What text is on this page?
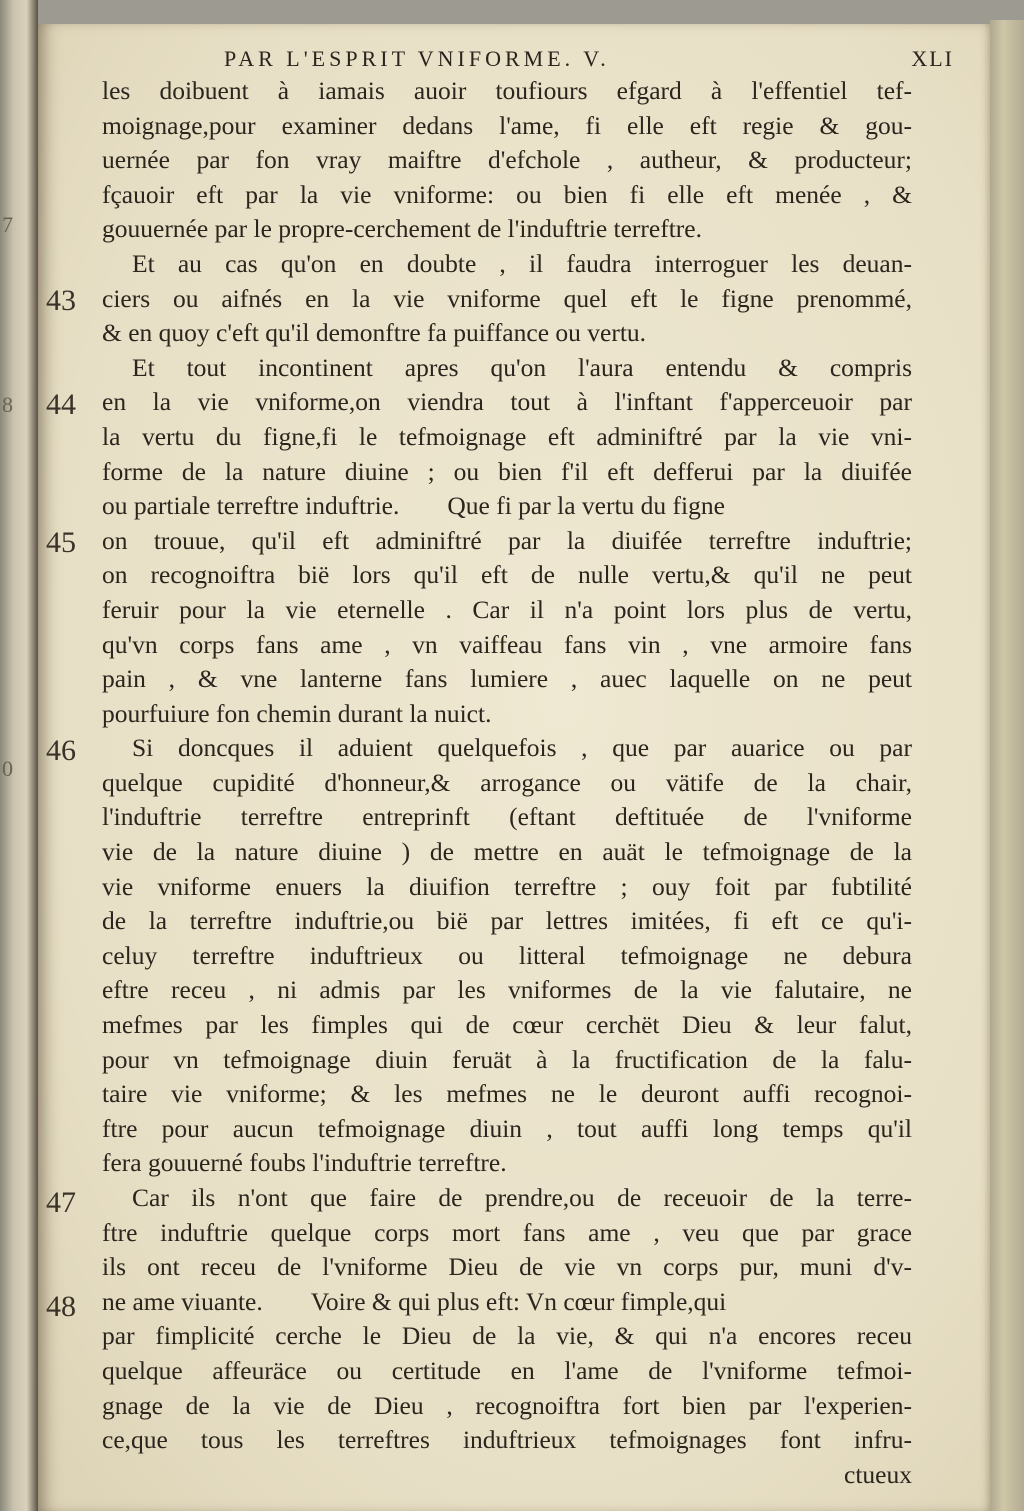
7
8
0
PAR L'ESPRIT VNIFORME. V.	XLI
43
44
45
46
47
48
les doibuent à iamais auoir toufiours efgard à l'effentiel tef-
moignage,pour examiner dedans l'ame, fi elle eft regie & gou-
uernée par fon vray maiftre d'efchole , autheur, & producteur;
fçauoir eft par la vie vniforme: ou bien fi elle eft menée , &
gouuernée par le propre-cerchement de l'induftrie terreftre.
Et au cas qu'on en doubte , il faudra interroguer les deuan-
ciers ou aifnés en la vie vniforme quel eft le figne prenommé,
& en quoy c'eft qu'il demonftre fa puiffance ou vertu.
Et tout incontinent apres qu'on l'aura entendu & compris
en la vie vniforme,on viendra tout à l'inftant f'apperceuoir par
la vertu du figne,fi le tefmoignage eft adminiftré par la vie vni-
forme de la nature diuine ; ou bien f'il eft defferui par la diuifée
ou partiale terreftre induftrie. Que fi par la vertu du figne
on trouue, qu'il eft adminiftré par la diuifée terreftre induftrie;
on recognoiftra bië lors qu'il eft de nulle vertu,& qu'il ne peut
feruir pour la vie eternelle . Car il n'a point lors plus de vertu,
qu'vn corps fans ame , vn vaiffeau fans vin , vne armoire fans
pain , & vne lanterne fans lumiere , auec laquelle on ne peut
pourfuiure fon chemin durant la nuict.
Si doncques il aduient quelquefois , que par auarice ou par
quelque cupidité d'honneur,& arrogance ou vätife de la chair,
l'induftrie terreftre entreprinft (eftant deftituée de l'vniforme
vie de la nature diuine ) de mettre en auät le tefmoignage de la
vie vniforme enuers la diuifion terreftre ; ouy foit par fubtilité
de la terreftre induftrie,ou bië par lettres imitées, fi eft ce qu'i-
celuy terreftre induftrieux ou litteral tefmoignage ne debura
eftre receu , ni admis par les vniformes de la vie falutaire, ne
mefmes par les fimples qui de cœur cerchët Dieu & leur falut,
pour vn tefmoignage diuin feruät à la fructification de la falu-
taire vie vniforme; & les mefmes ne le deuront auffi recognoi-
ftre pour aucun tefmoignage diuin , tout auffi long temps qu'il
fera gouuerné foubs l'induftrie terreftre.
Car ils n'ont que faire de prendre,ou de receuoir de la terre-
ftre induftrie quelque corps mort fans ame , veu que par grace
ils ont receu de l'vniforme Dieu de vie vn corps pur, muni d'v-
ne ame viuante. Voire & qui plus eft: Vn cœur fimple,qui
par fimplicité cerche le Dieu de la vie, & qui n'a encores receu
quelque affeuräce ou certitude en l'ame de l'vniforme tefmoi-
gnage de la vie de Dieu , recognoiftra fort bien par l'experien-
ce,que tous les terreftres induftrieux tefmoignages font infru-
ctueux
